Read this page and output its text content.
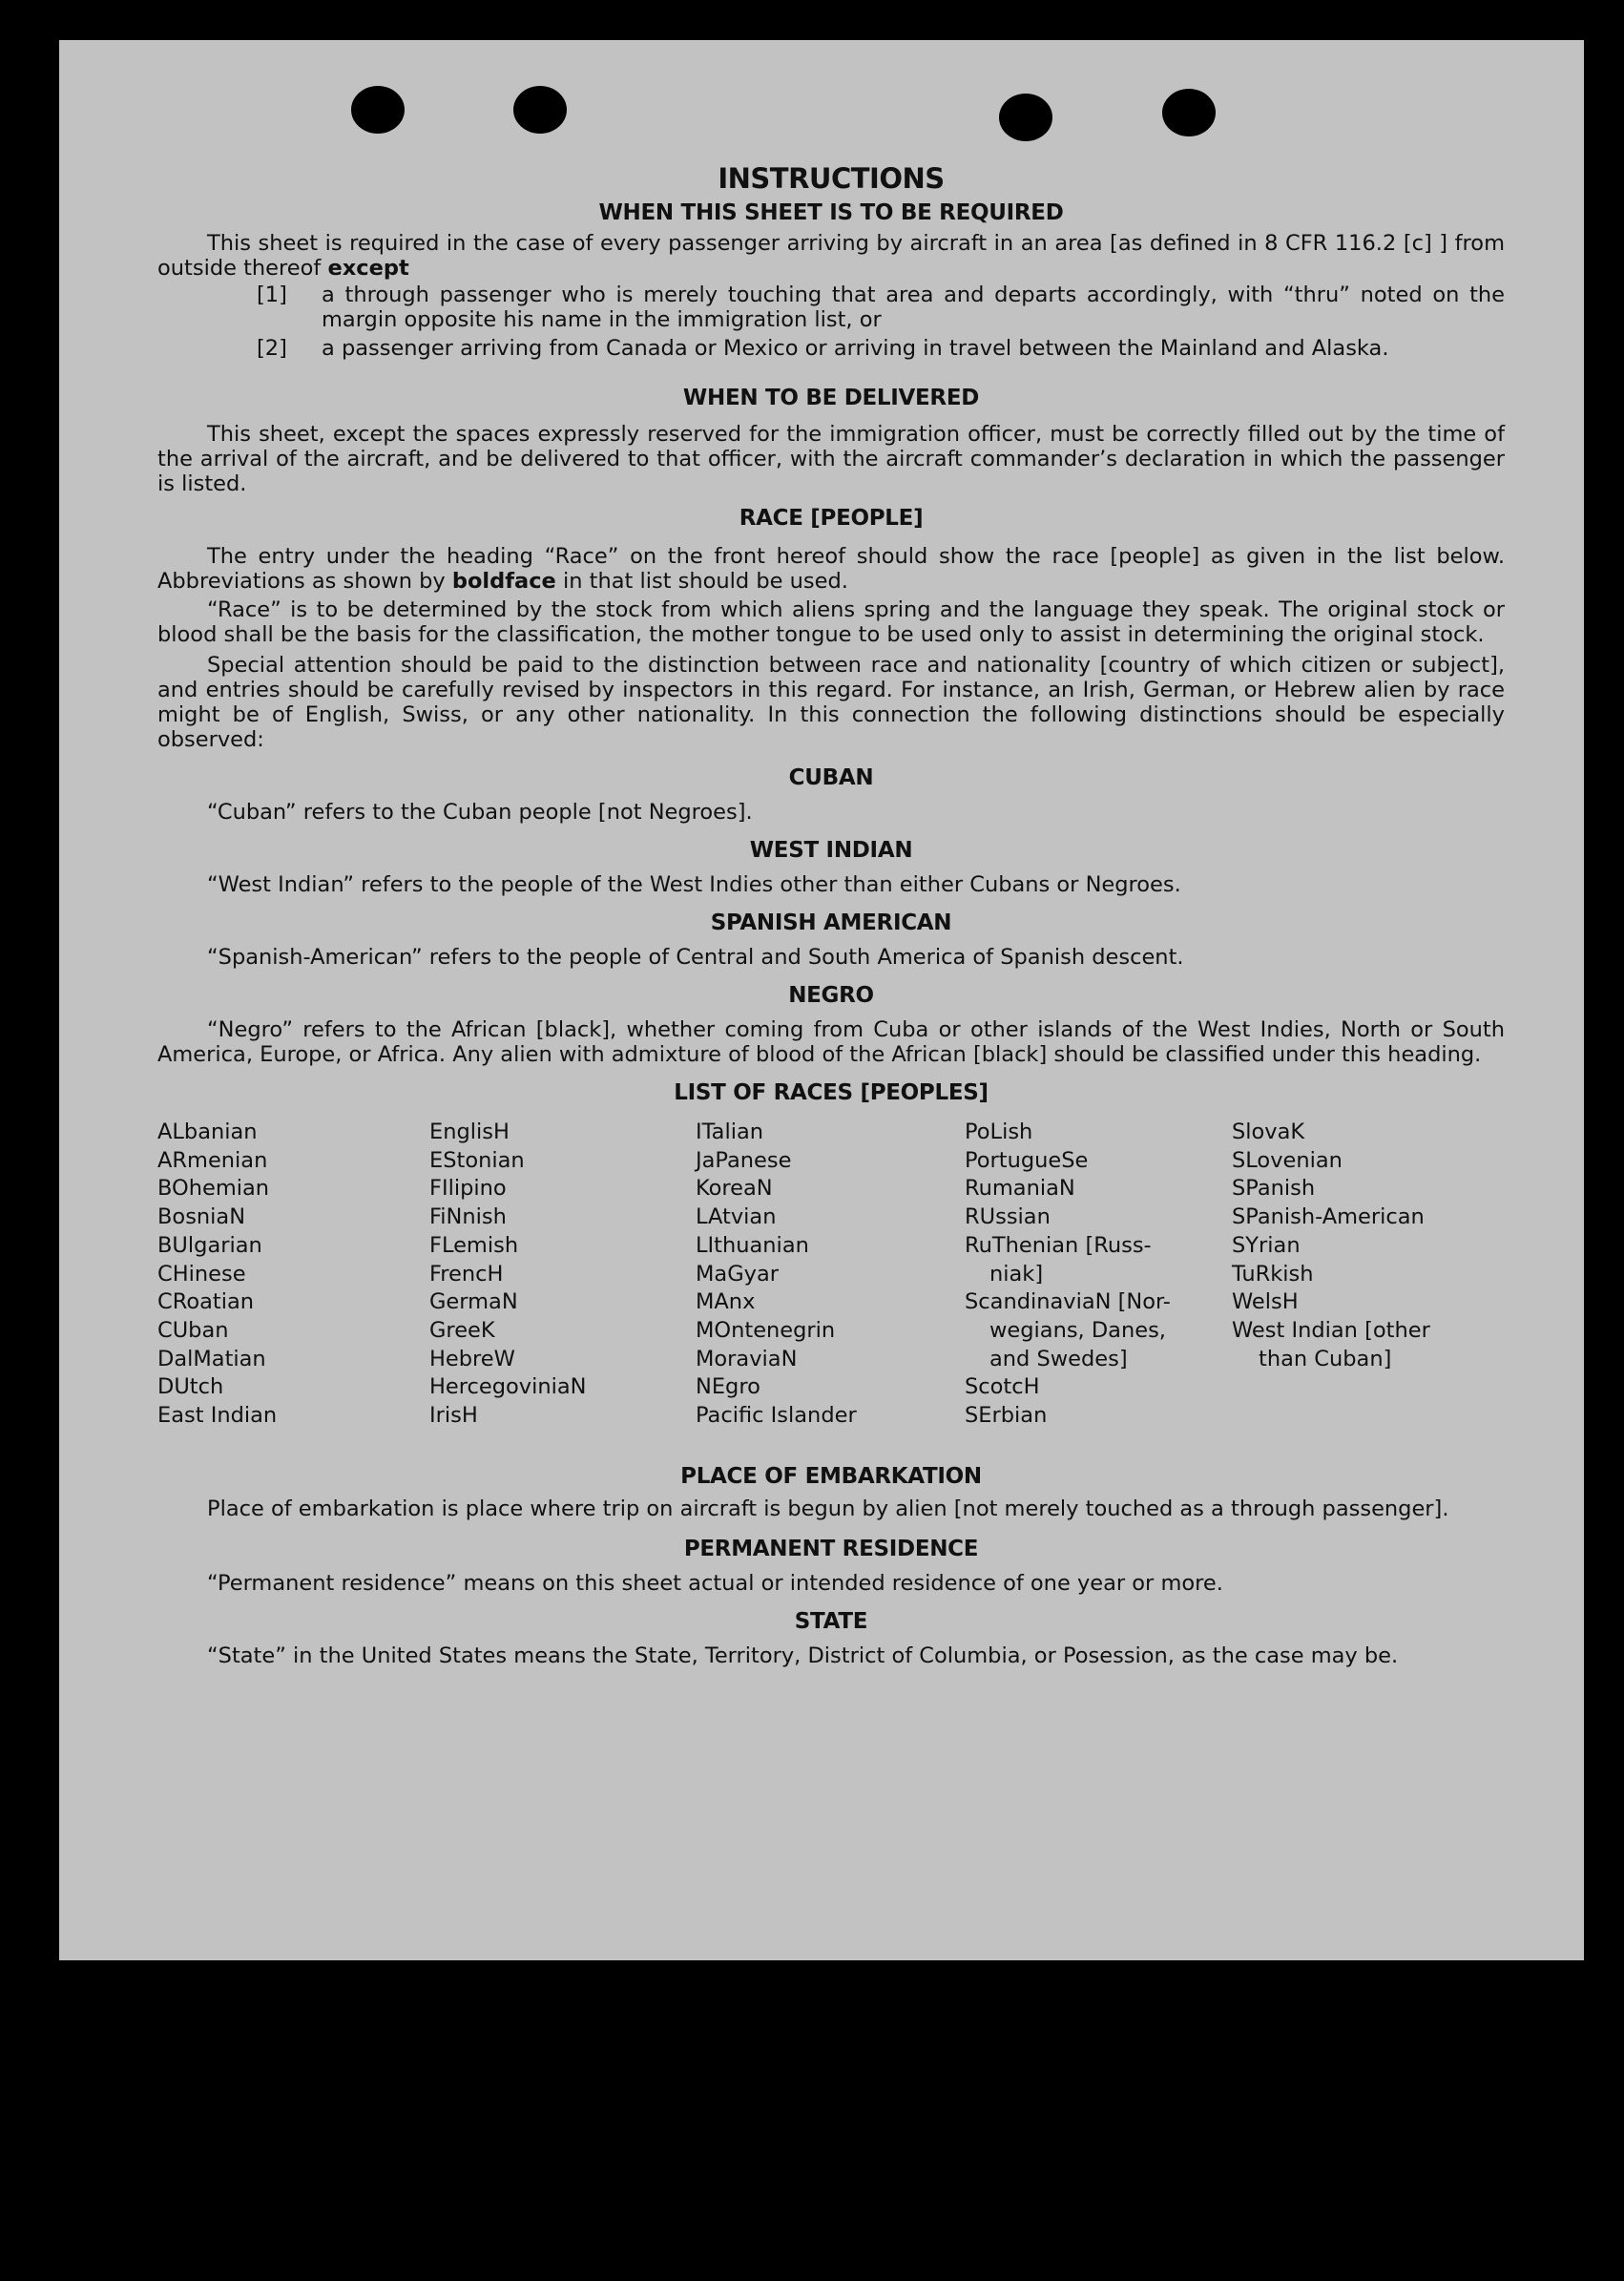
INSTRUCTIONS
WHEN THIS SHEET IS TO BE REQUIRED

This sheet is required in the case of every passenger arriving by aircraft in an area [as defined in 8 CFR 116.2 [c] ] from outside thereof except

[1] a through passenger who is merely touching that area and departs accordingly, with “thru” noted on the margin opposite his name in the immigration list, or
[2] a passenger arriving from Canada or Mexico or arriving in travel between the Mainland and Alaska.
WHEN TO BE DELIVERED

This sheet, except the spaces expressly reserved for the immigration officer, must be correctly filled out by the time of the arrival of the aircraft, and be delivered to that officer, with the aircraft commander’s declaration in which the passenger is listed.

RACE [PEOPLE]

The entry under the heading “Race” on the front hereof should show the race [people] as given in the list below. Abbreviations as shown by boldface in that list should be used.

“Race” is to be determined by the stock from which aliens spring and the language they speak. The original stock or blood shall be the basis for the classification, the mother tongue to be used only to assist in determining the original stock.

Special attention should be paid to the distinction between race and nationality [country of which citizen or subject], and entries should be carefully revised by inspectors in this regard. For instance, an Irish, German, or Hebrew alien by race might be of English, Swiss, or any other nationality. In this connection the following distinctions should be especially observed:

CUBAN

“Cuban” refers to the Cuban people [not Negroes].

WEST INDIAN

“West Indian” refers to the people of the West Indies other than either Cubans or Negroes.

SPANISH AMERICAN

“Spanish-American” refers to the people of Central and South America of Spanish descent.

NEGRO

“Negro” refers to the African [black], whether coming from Cuba or other islands of the West Indies, North or South America, Europe, or Africa. Any alien with admixture of blood of the African [black] should be classified under this heading.

LIST OF RACES [PEOPLES]
ALbanian
ARmenian
BOhemian
BosniaN
BUlgarian
CHinese
CRoatian
CUban
DalMatian
DUtch
East Indian
EnglisH
EStonian
FIlipino
FiNnish
FLemish
FrencH
GermaN
GreeK
HebreW
HercegoviniaN
IrisH
ITalian
JaPanese
KoreaN
LAtvian
LIthuanian
MaGyar
MAnx
MOntenegrin
MoraviaN
NEgro
Pacific Islander
PoLish
PortugueSe
RumaniaN
RUssian
RuThenian [Russ-
niak]
ScandinaviaN [Nor-
wegians, Danes,
and Swedes]
ScotcH
SErbian
SlovaK
SLovenian
SPanish
SPanish-American
SYrian
TuRkish
WelsH
West Indian [other
than Cuban]
PLACE OF EMBARKATION

Place of embarkation is place where trip on aircraft is begun by alien [not merely touched as a through passenger].

PERMANENT RESIDENCE

“Permanent residence” means on this sheet actual or intended residence of one year or more.

STATE

“State” in the United States means the State, Territory, District of Columbia, or Posession, as the case may be.
